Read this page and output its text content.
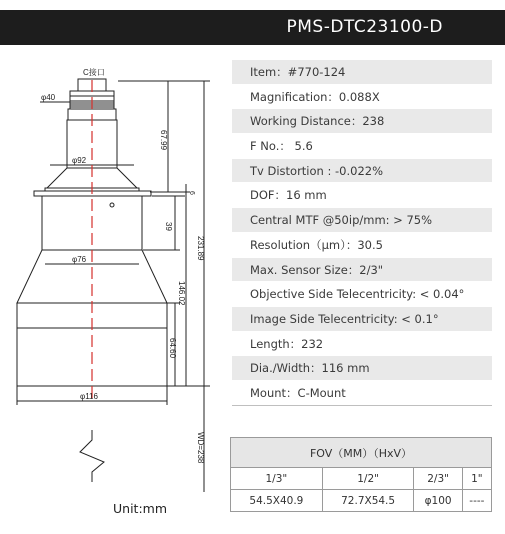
PMS-DTC23100-D
C接口
φ40
φ92
φ76
φ116
67.99
6
39
231.89
146.02
64.60
WD=238
Item：#770-124
Magnification：0.088X
Working Distance：238
F No.： 5.6
Tv Distortion : -0.022%
DOF：16 mm
Central MTF @50ip/mm: > 75%
Resolution（μm）：30.5
Max. Sensor Size：2/3"
Objective Side Telecentricity: < 0.04°
Image Side Telecentricity: < 0.1°
Length：232
Dia./Width：116 mm
Mount：C-Mount
FOV（MM）（HxV）			
1/3"	1/2"	2/3"	1"
54.5X40.9	72.7X54.5	φ100	----
Unit:mm
